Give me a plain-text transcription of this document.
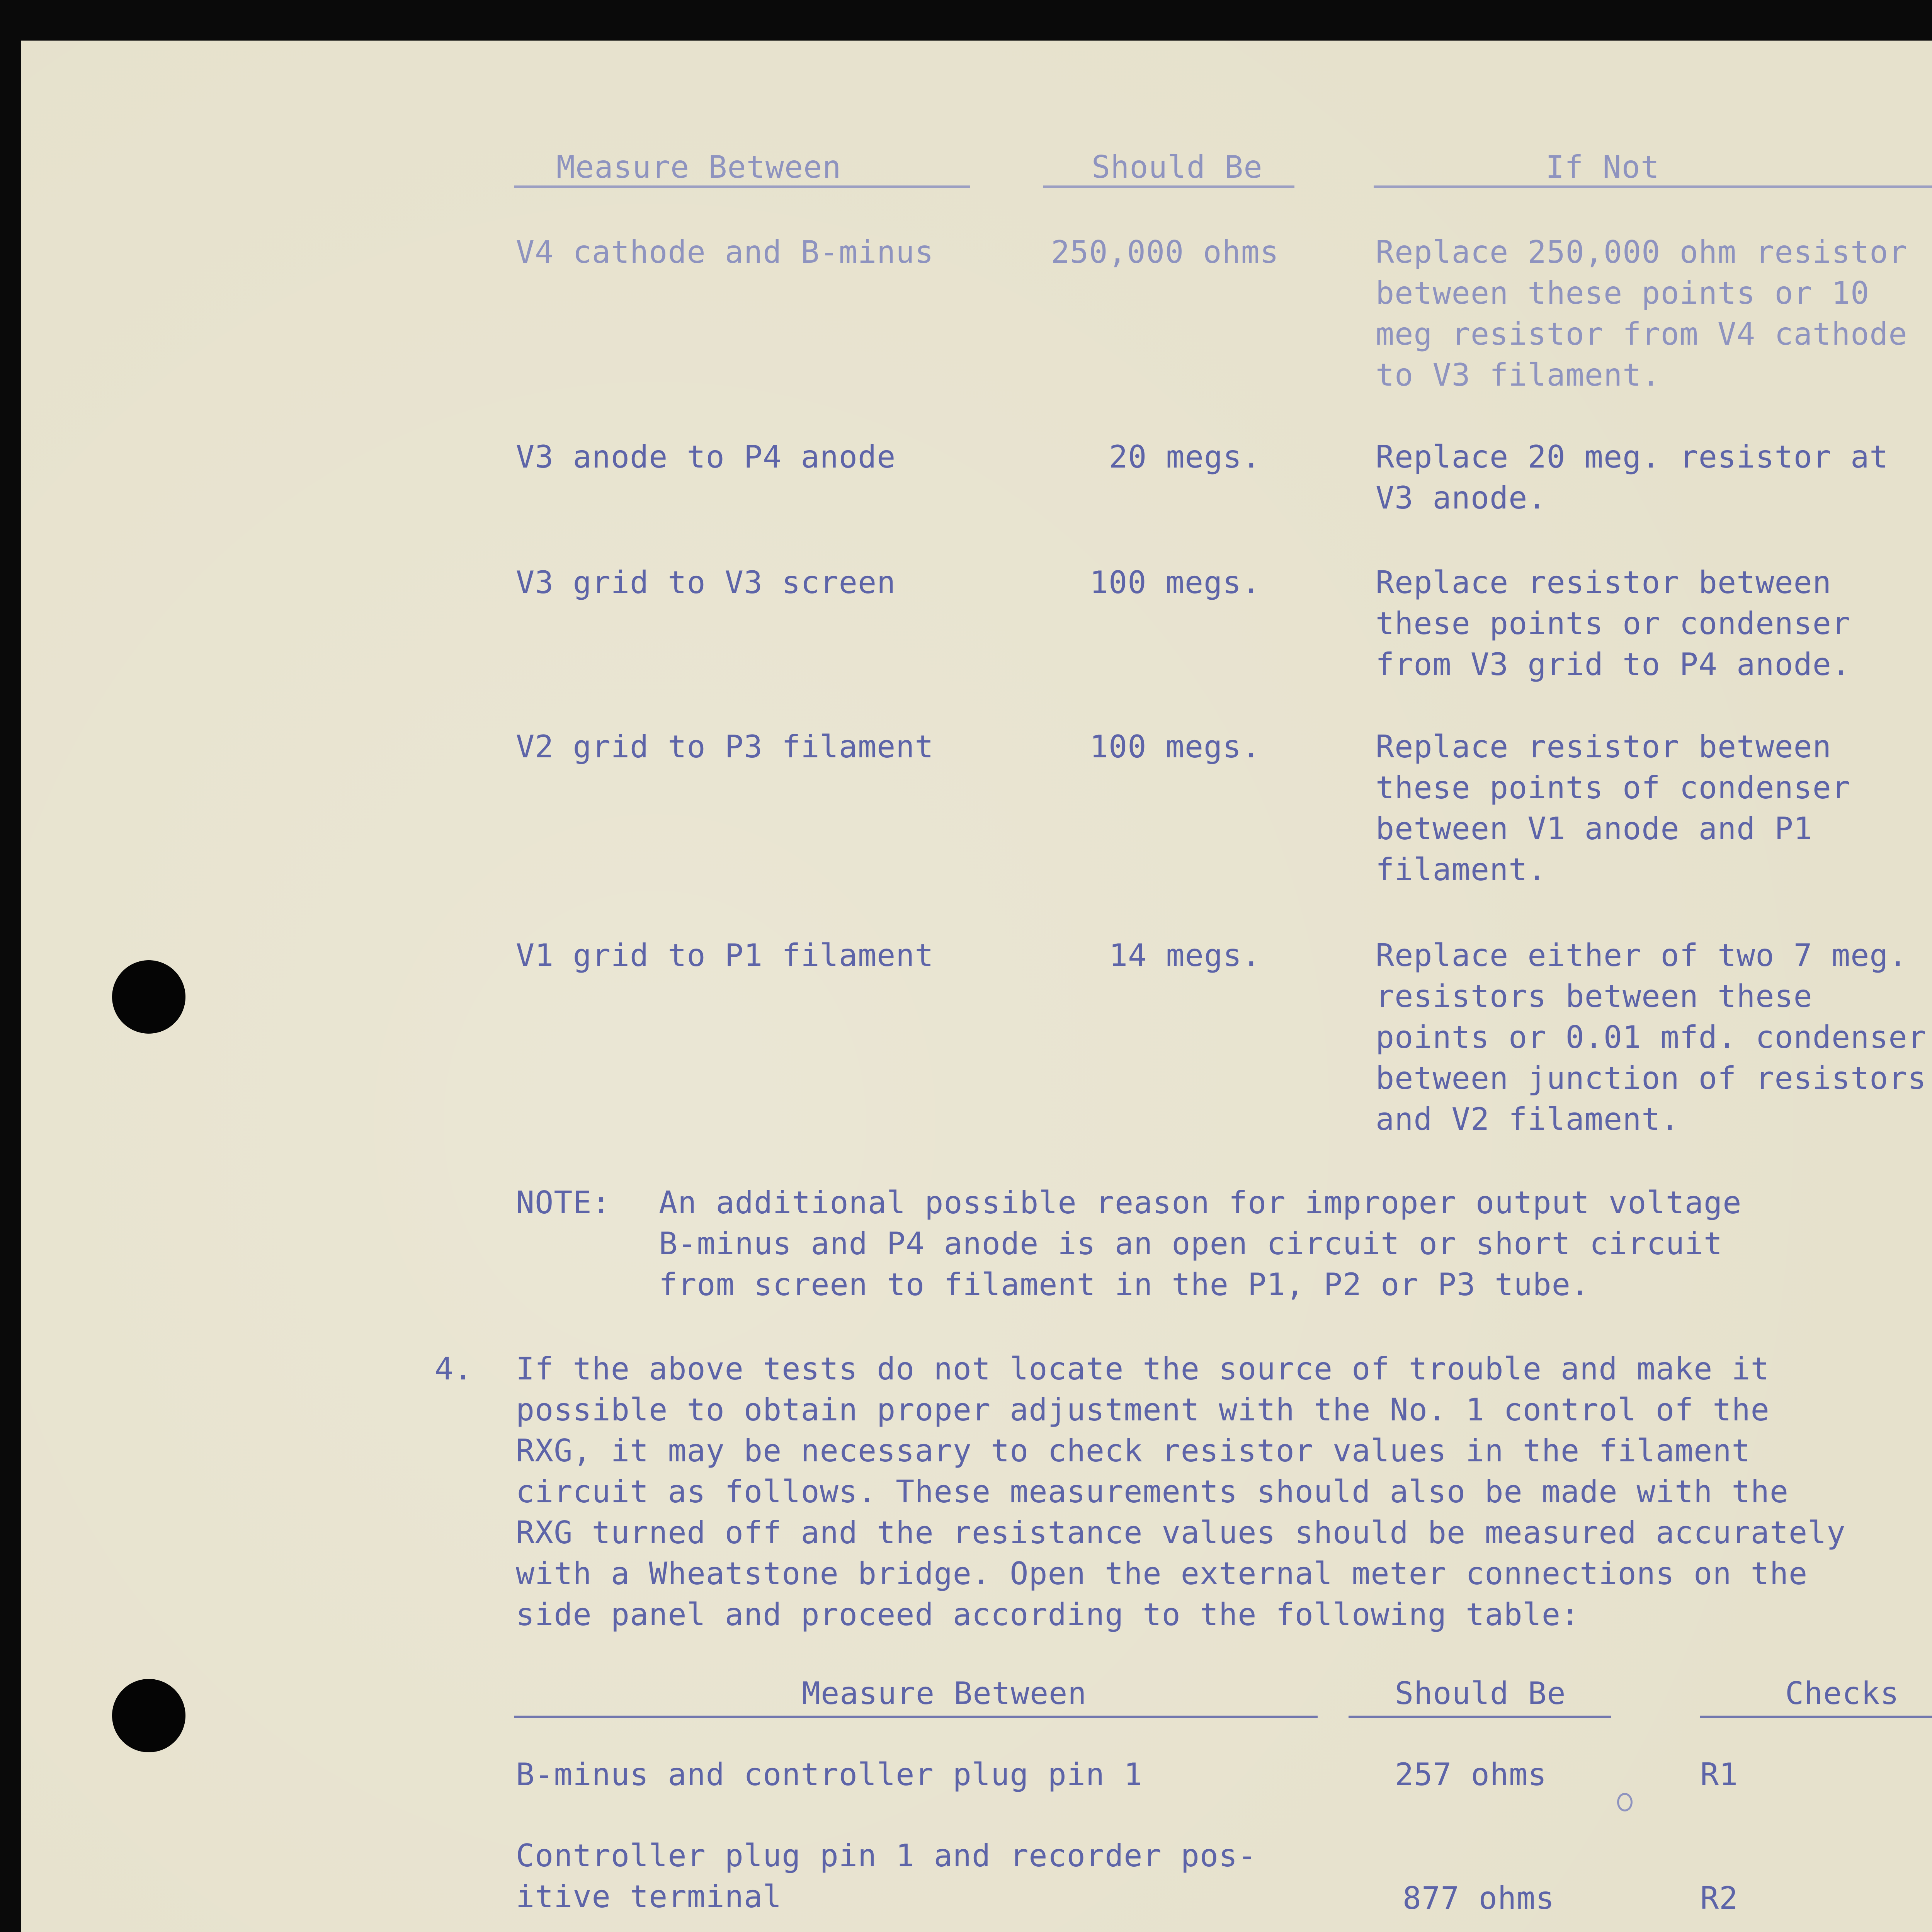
Measure Between	Should Be	If Not
V4 cathode and B-minus	250,000 ohms	Replace 250,000 ohm resistor
between these points or 10
meg resistor from V4 cathode
to V3 filament.
V3 anode to P4 anode	20 megs.	Replace 20 meg. resistor at
V3 anode.
V3 grid to V3 screen	100 megs.	Replace resistor between
these points or condenser
from V3 grid to P4 anode.
V2 grid to P3 filament	100 megs.	Replace resistor between
these points of condenser
between V1 anode and P1
filament.
V1 grid to P1 filament	14 megs.	Replace either of two 7 meg.
resistors between these
points or 0.01 mfd. condenser
between junction of resistors
and V2 filament.
NOTE: An additional possible reason for improper output voltage
B-minus and P4 anode is an open circuit or short circuit
from screen to filament in the P1, P2 or P3 tube.
4. If the above tests do not locate the source of trouble and make it
possible to obtain proper adjustment with the No. 1 control of the
RXG, it may be necessary to check resistor values in the filament
circuit as follows. These measurements should also be made with the
RXG turned off and the resistance values should be measured accurately
with a Wheatstone bridge. Open the external meter connections on the
side panel and proceed according to the following table:
Measure Between	Should Be	Checks
B-minus and controller plug pin 1	257 ohms	R1
Controller plug pin 1 and recorder pos-
itive terminal	877 ohms	R2
